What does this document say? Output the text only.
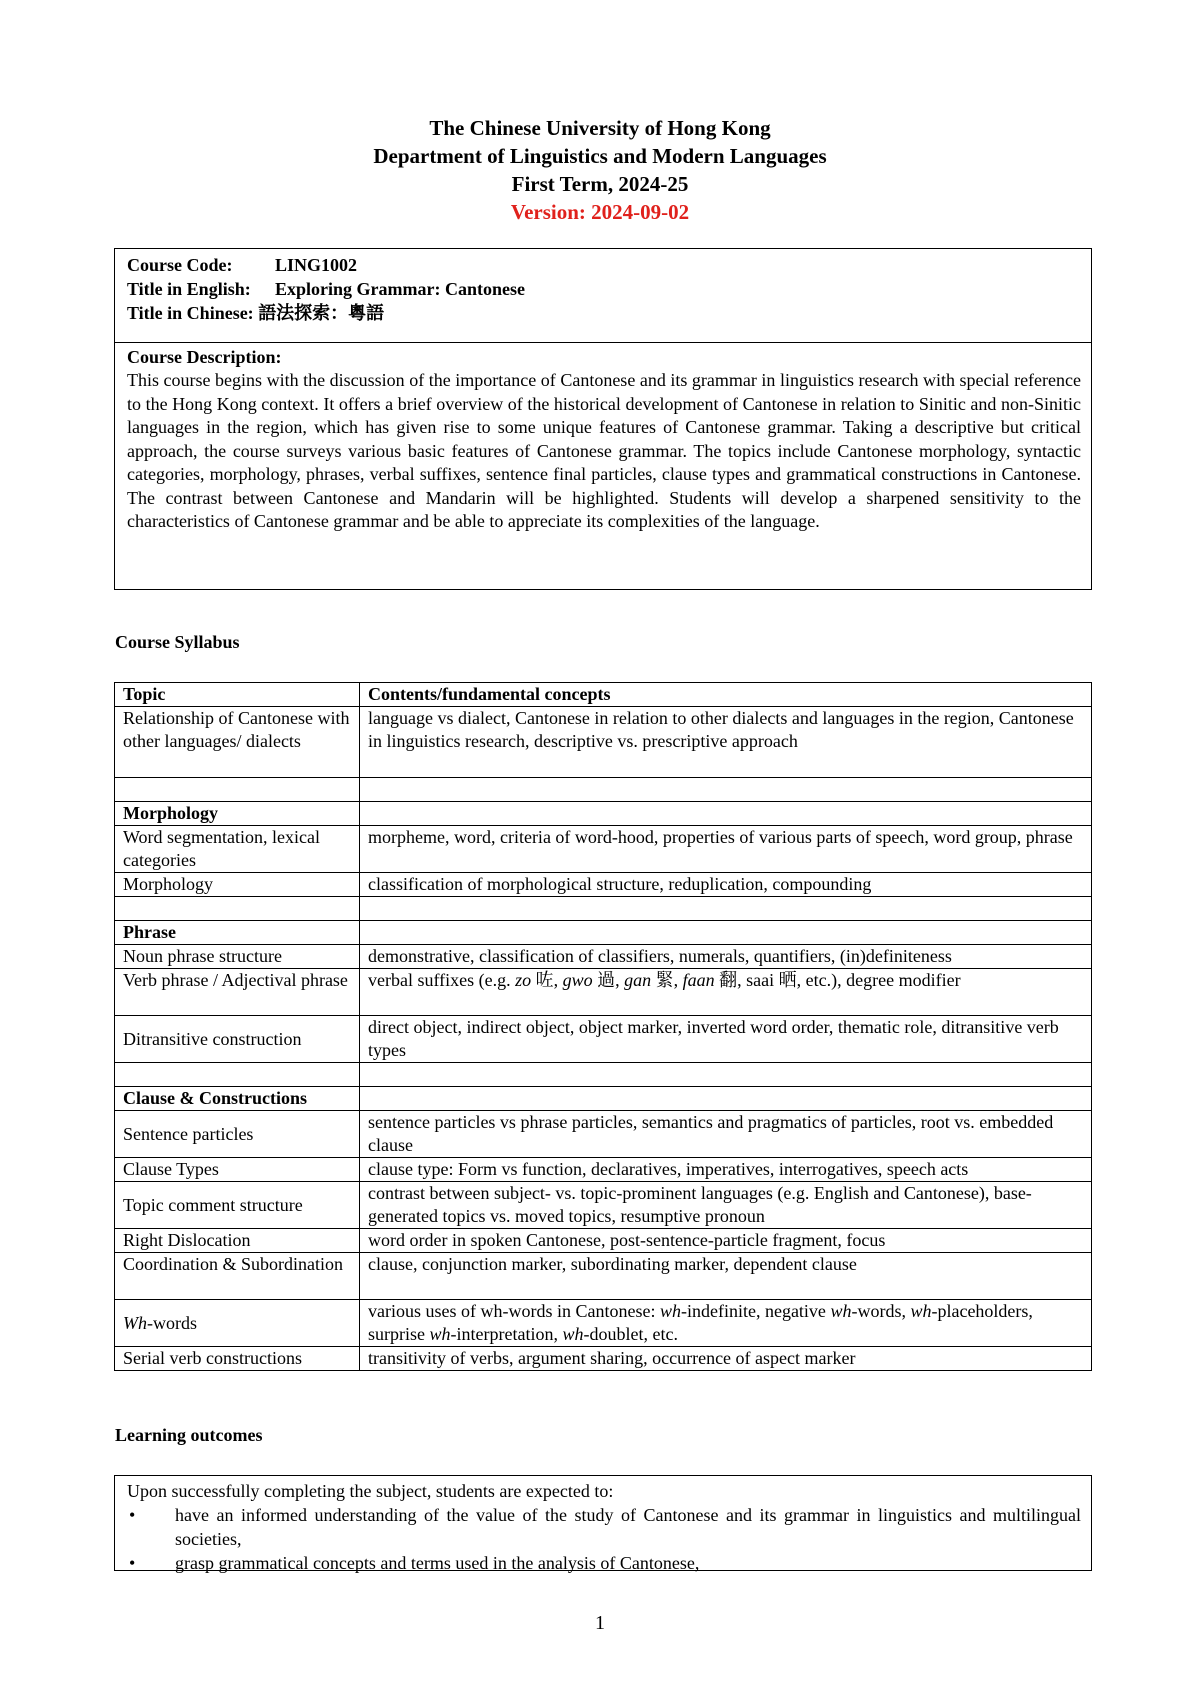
The Chinese University of Hong Kong
Department of Linguistics and Modern Languages
First Term, 2024-25
Version: 2024-09-02
Course Code: LING1002
Title in English: Exploring Grammar: Cantonese
Title in Chinese: 語法探索：粵語
Course Description:
This course begins with the discussion of the importance of Cantonese and its grammar in linguistics research with special reference to the Hong Kong context. It offers a brief overview of the historical development of Cantonese in relation to Sinitic and non-Sinitic languages in the region, which has given rise to some unique features of Cantonese grammar. Taking a descriptive but critical approach, the course surveys various basic features of Cantonese grammar. The topics include Cantonese morphology, syntactic categories, morphology, phrases, verbal suffixes, sentence final particles, clause types and grammatical constructions in Cantonese. The contrast between Cantonese and Mandarin will be highlighted. Students will develop a sharpened sensitivity to the characteristics of Cantonese grammar and be able to appreciate its complexities of the language.
Course Syllabus
Topic	Contents/fundamental concepts
Relationship of Cantonese with other languages/ dialects	language vs dialect, Cantonese in relation to other dialects and languages in the region, Cantonese in linguistics research, descriptive vs. prescriptive approach

Morphology	
Word segmentation, lexical categories	morpheme, word, criteria of word-hood, properties of various parts of speech, word group, phrase
Morphology	classification of morphological structure, reduplication, compounding

Phrase	
Noun phrase structure	demonstrative, classification of classifiers, numerals, quantifiers, (in)definiteness
Verb phrase / Adjectival phrase	verbal suffixes (e.g. zo 咗, gwo 過, gan 緊, faan 翻, saai 晒, etc.), degree modifier
Ditransitive construction	direct object, indirect object, object marker, inverted word order, thematic role, ditransitive verb types

Clause & Constructions	
Sentence particles	sentence particles vs phrase particles, semantics and pragmatics of particles, root vs. embedded clause
Clause Types	clause type: Form vs function, declaratives, imperatives, interrogatives, speech acts
Topic comment structure	contrast between subject- vs. topic-prominent languages (e.g. English and Cantonese), base-generated topics vs. moved topics, resumptive pronoun
Right Dislocation	word order in spoken Cantonese, post-sentence-particle fragment, focus
Coordination & Subordination	clause, conjunction marker, subordinating marker, dependent clause
Wh-words	various uses of wh-words in Cantonese: wh-indefinite, negative wh-words, wh-placeholders, surprise wh-interpretation, wh-doublet, etc.
Serial verb constructions	transitivity of verbs, argument sharing, occurrence of aspect marker
Learning outcomes
Upon successfully completing the subject, students are expected to:
• have an informed understanding of the value of the study of Cantonese and its grammar in linguistics and multilingual societies,
• grasp grammatical concepts and terms used in the analysis of Cantonese,
1
